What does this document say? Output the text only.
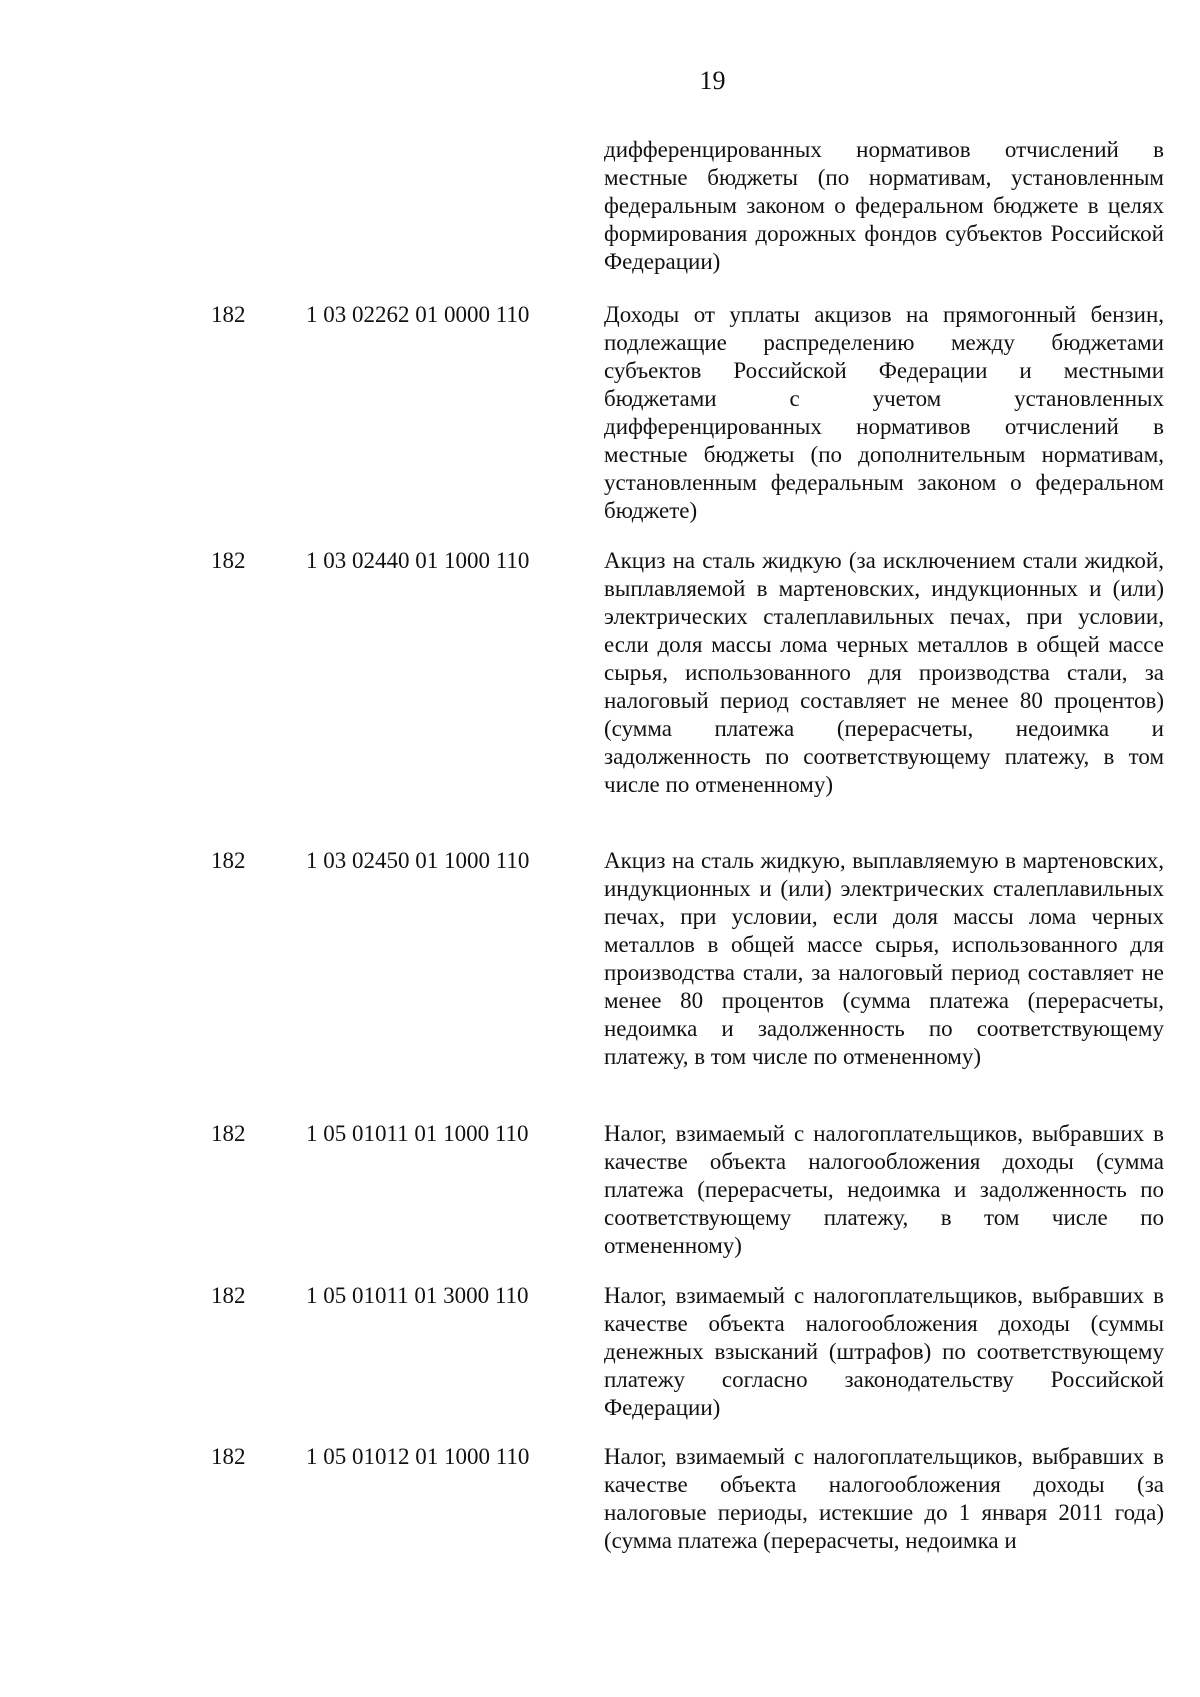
19

дифференцированных нормативов отчислений в местные бюджеты (по нормативам, установленным федеральным законом о федеральном бюджете в целях формирования дорожных фондов субъектов Российской Федерации)

182	1 03 02262 01 0000 110	Доходы от уплаты акцизов на прямогонный бензин, подлежащие распределению между бюджетами субъектов Российской Федерации и местными бюджетами с учетом установленных дифференцированных нормативов отчислений в местные бюджеты (по дополнительным нормативам, установленным федеральным законом о федеральном бюджете)

182	1 03 02440 01 1000 110	Акциз на сталь жидкую (за исключением стали жидкой, выплавляемой в мартеновских, индукционных и (или) электрических сталеплавильных печах, при условии, если доля массы лома черных металлов в общей массе сырья, использованного для производства стали, за налоговый период составляет не менее 80 процентов) (сумма платежа (перерасчеты, недоимка и задолженность по соответствующему платежу, в том числе по отмененному)

182	1 03 02450 01 1000 110	Акциз на сталь жидкую, выплавляемую в мартеновских, индукционных и (или) электрических сталеплавильных печах, при условии, если доля массы лома черных металлов в общей массе сырья, использованного для производства стали, за налоговый период составляет не менее 80 процентов (сумма платежа (перерасчеты, недоимка и задолженность по соответствующему платежу, в том числе по отмененному)

182	1 05 01011 01 1000 110	Налог, взимаемый с налогоплательщиков, выбравших в качестве объекта налогообложения доходы (сумма платежа (перерасчеты, недоимка и задолженность по соответствующему платежу, в том числе по отмененному)

182	1 05 01011 01 3000 110	Налог, взимаемый с налогоплательщиков, выбравших в качестве объекта налогообложения доходы (суммы денежных взысканий (штрафов) по соответствующему платежу согласно законодательству Российской Федерации)

182	1 05 01012 01 1000 110	Налог, взимаемый с налогоплательщиков, выбравших в качестве объекта налогообложения доходы (за налоговые периоды, истекшие до 1 января 2011 года) (сумма платежа (перерасчеты, недоимка и
